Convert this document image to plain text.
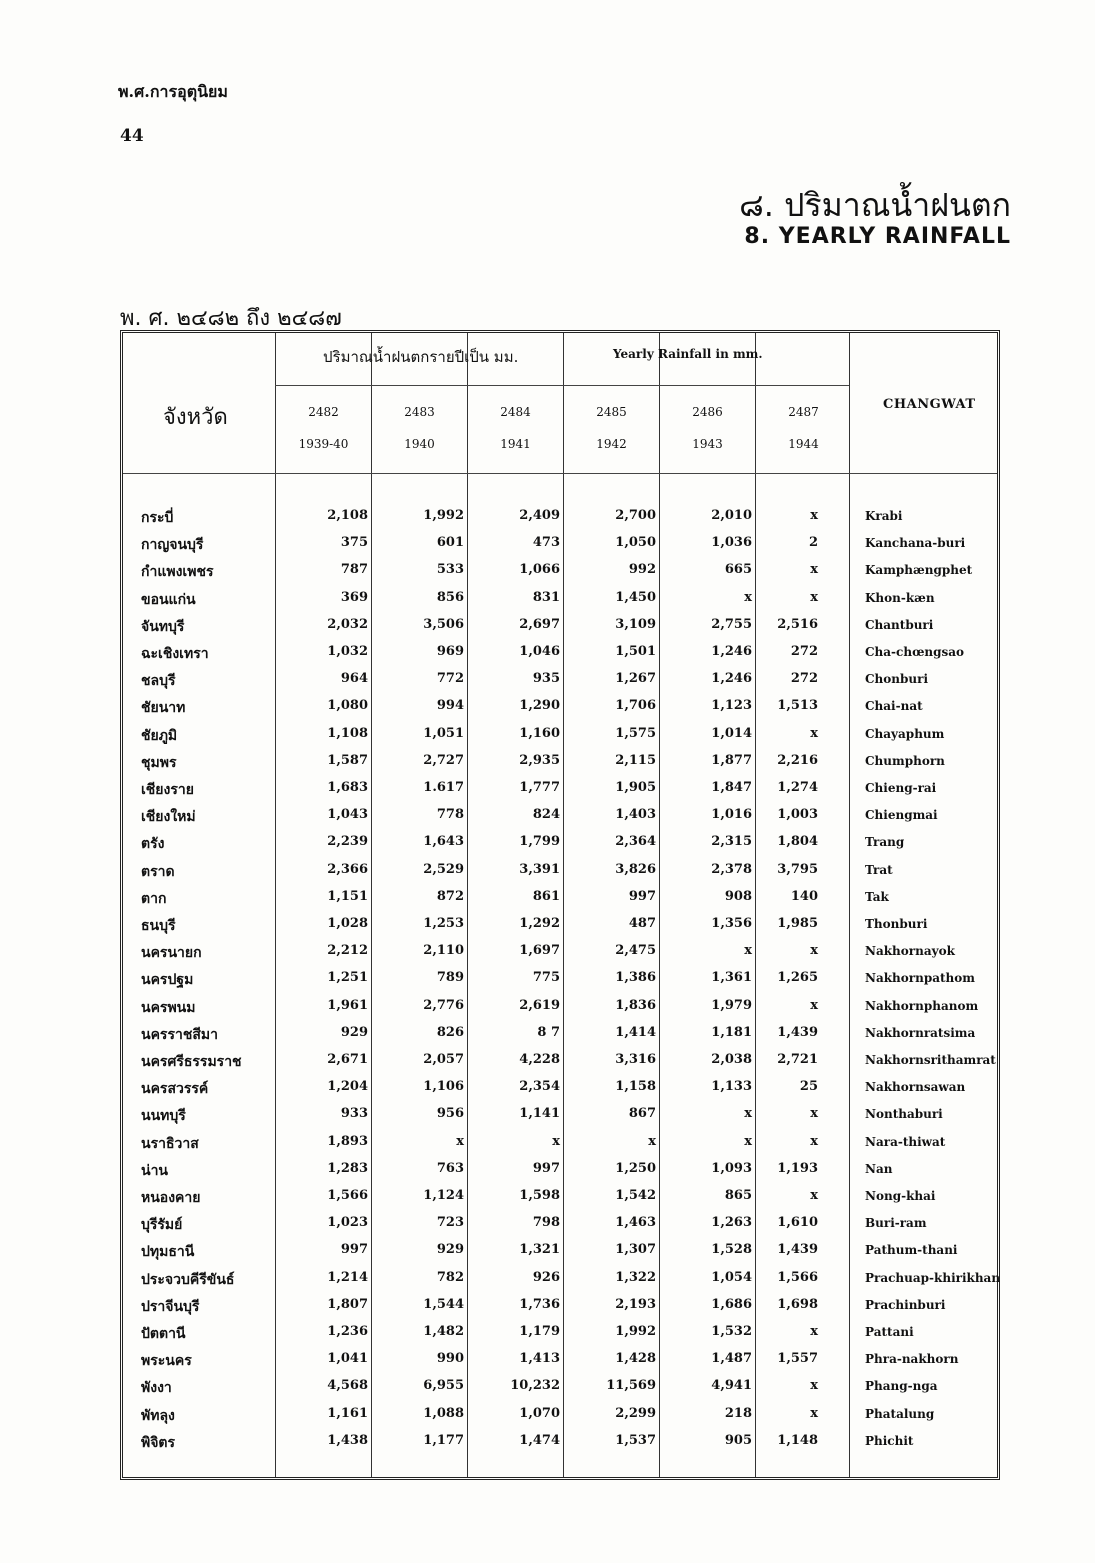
พ.ศ.การอุตุนิยม
44
๘. ปริมาณน้ำฝนตก
8. YEARLY RAINFALL
พ. ศ. ๒๔๘๒ ถึง ๒๔๘๗
ปริมาณน้ำฝนตกรายปีเป็น มม.	Yearly Rainfall in mm.
จังหวัด
CHANGWAT
2482	2483	2484	2485	2486	2487
1939-40	1940	1941	1942	1943	1944
กระบี่	2,108	1,992	2,409	2,700	2,010	x	Krabi
กาญจนบุรี	375	601	473	1,050	1,036	2	Kanchana-buri
กำแพงเพชร	787	533	1,066	992	665	x	Kamphængphet
ขอนแก่น	369	856	831	1,450	x	x	Khon-kæn
จันทบุรี	2,032	3,506	2,697	3,109	2,755	2,516	Chantburi
ฉะเชิงเทรา	1,032	969	1,046	1,501	1,246	272	Cha-chœngsao
ชลบุรี	964	772	935	1,267	1,246	272	Chonburi
ชัยนาท	1,080	994	1,290	1,706	1,123	1,513	Chai-nat
ชัยภูมิ	1,108	1,051	1,160	1,575	1,014	x	Chayaphum
ชุมพร	1,587	2,727	2,935	2,115	1,877	2,216	Chumphorn
เชียงราย	1,683	1.617	1,777	1,905	1,847	1,274	Chieng-rai
เชียงใหม่	1,043	778	824	1,403	1,016	1,003	Chiengmai
ตรัง	2,239	1,643	1,799	2,364	2,315	1,804	Trang
ตราด	2,366	2,529	3,391	3,826	2,378	3,795	Trat
ตาก	1,151	872	861	997	908	140	Tak
ธนบุรี	1,028	1,253	1,292	487	1,356	1,985	Thonburi
นครนายก	2,212	2,110	1,697	2,475	x	x	Nakhornayok
นครปฐม	1,251	789	775	1,386	1,361	1,265	Nakhornpathom
นครพนม	1,961	2,776	2,619	1,836	1,979	x	Nakhornphanom
นครราชสีมา	929	826	8 7	1,414	1,181	1,439	Nakhornratsima
นครศรีธรรมราช	2,671	2,057	4,228	3,316	2,038	2,721	Nakhornsrithamrat
นครสวรรค์	1,204	1,106	2,354	1,158	1,133	25	Nakhornsawan
นนทบุรี	933	956	1,141	867	x	x	Nonthaburi
นราธิวาส	1,893	x	x	x	x	x	Nara-thiwat
น่าน	1,283	763	997	1,250	1,093	1,193	Nan
หนองคาย	1,566	1,124	1,598	1,542	865	x	Nong-khai
บุรีรัมย์	1,023	723	798	1,463	1,263	1,610	Buri-ram
ปทุมธานี	997	929	1,321	1,307	1,528	1,439	Pathum-thani
ประจวบคีรีขันธ์	1,214	782	926	1,322	1,054	1,566	Prachuap-khirikhan
ปราจีนบุรี	1,807	1,544	1,736	2,193	1,686	1,698	Prachinburi
ปัตตานี	1,236	1,482	1,179	1,992	1,532	x	Pattani
พระนคร	1,041	990	1,413	1,428	1,487	1,557	Phra-nakhorn
พังงา	4,568	6,955	10,232	11,569	4,941	x	Phang-nga
พัทลุง	1,161	1,088	1,070	2,299	218	x	Phatalung
พิจิตร	1,438	1,177	1,474	1,537	905	1,148	Phichit
